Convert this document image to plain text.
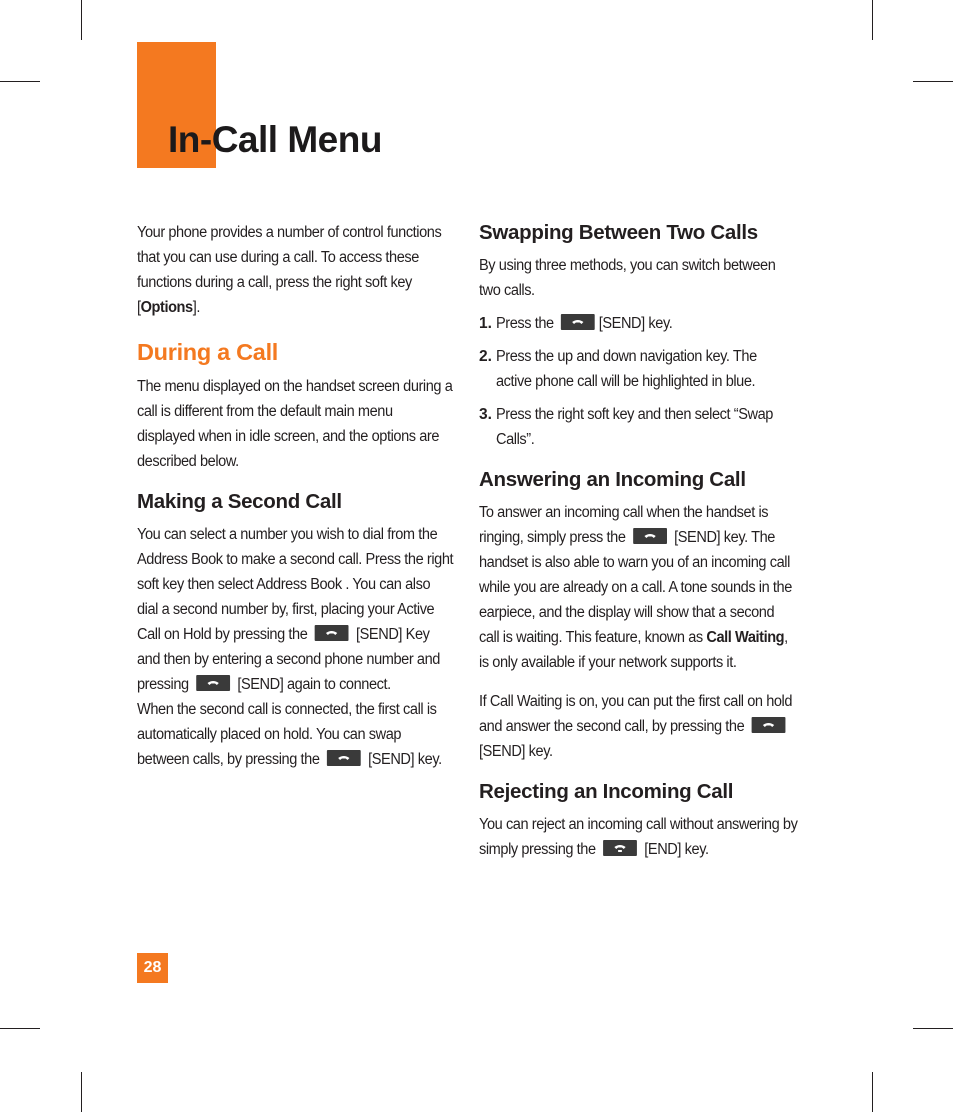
In-Call Menu

Your phone provides a number of control functions that you can use during a call. To access these functions during a call, press the right soft key [Options].

During a Call

The menu displayed on the handset screen during a call is different from the default main menu displayed when in idle screen, and the options are described below.

Making a Second Call

You can select a number you wish to dial from the Address Book to make a second call. Press the right soft key then select Address Book . You can also dial a second number by, first, placing your Active Call on Hold by pressing the	[SEND] Key and then by entering a second phone number and pressing	[SEND] again to connect.

When the second call is connected, the first call is automatically placed on hold. You can swap between calls, by pressing the	[SEND] key.

Swapping Between Two Calls

By using three methods, you can switch between two calls.

1. Press the	[SEND] key.

2. Press the up and down navigation key. The active phone call will be highlighted in blue.

3. Press the right soft key and then select “Swap Calls”.

Answering an Incoming Call

To answer an incoming call when the handset is ringing, simply press the	[SEND] key. The handset is also able to warn you of an incoming call while you are already on a call. A tone sounds in the earpiece, and the display will show that a second call is waiting. This feature, known as Call Waiting, is only available if your network supports it.

If Call Waiting is on, you can put the first call on hold and answer the second call, by pressing the
[SEND] key.

Rejecting an Incoming Call

You can reject an incoming call without answering by simply pressing the	[END] key.

28
